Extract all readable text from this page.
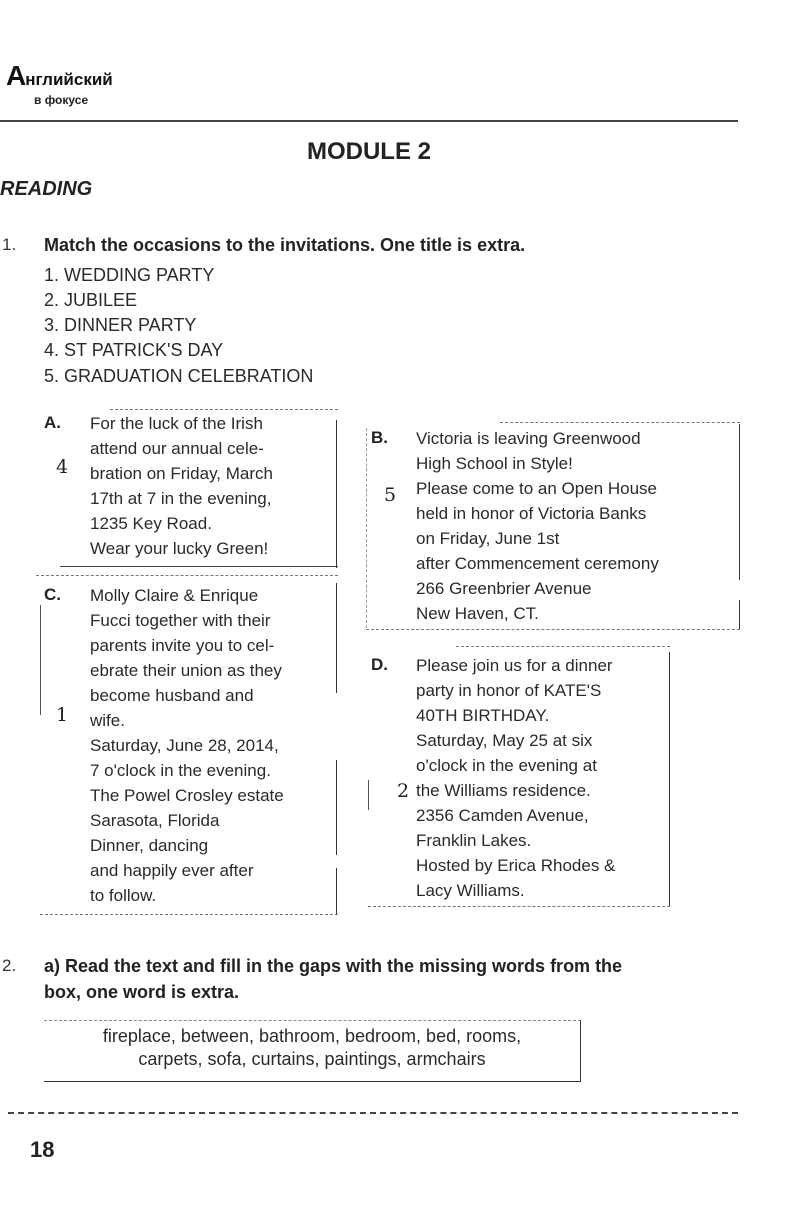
Английский
в фокусе
MODULE 2
READING
1. Match the occasions to the invitations. One title is extra.
1. WEDDING PARTY
2. JUBILEE
3. DINNER PARTY
4. ST PATRICK'S DAY
5. GRADUATION CELEBRATION
A.
4
For the luck of the Irish
attend our annual cele-
bration on Friday, March
17th at 7 in the evening,
1235 Key Road.
Wear your lucky Green!
B.
5
Victoria is leaving Greenwood
High School in Style!
Please come to an Open House
held in honor of Victoria Banks
on Friday, June 1st
after Commencement ceremony
266 Greenbrier Avenue
New Haven, CT.
C.
1
Molly Claire & Enrique
Fucci together with their
parents invite you to cel-
ebrate their union as they
become husband and
wife.
Saturday, June 28, 2014,
7 o'clock in the evening.
The Powel Crosley estate
Sarasota, Florida
Dinner, dancing
and happily ever after
to follow.
D.
2
Please join us for a dinner
party in honor of KATE'S
40TH BIRTHDAY.
Saturday, May 25 at six
o'clock in the evening at
the Williams residence.
2356 Camden Avenue,
Franklin Lakes.
Hosted by Erica Rhodes &
Lacy Williams.
2. a) Read the text and fill in the gaps with the missing words from the
box, one word is extra.
fireplace, between, bathroom, bedroom, bed, rooms,
carpets, sofa, curtains, paintings, armchairs
18
